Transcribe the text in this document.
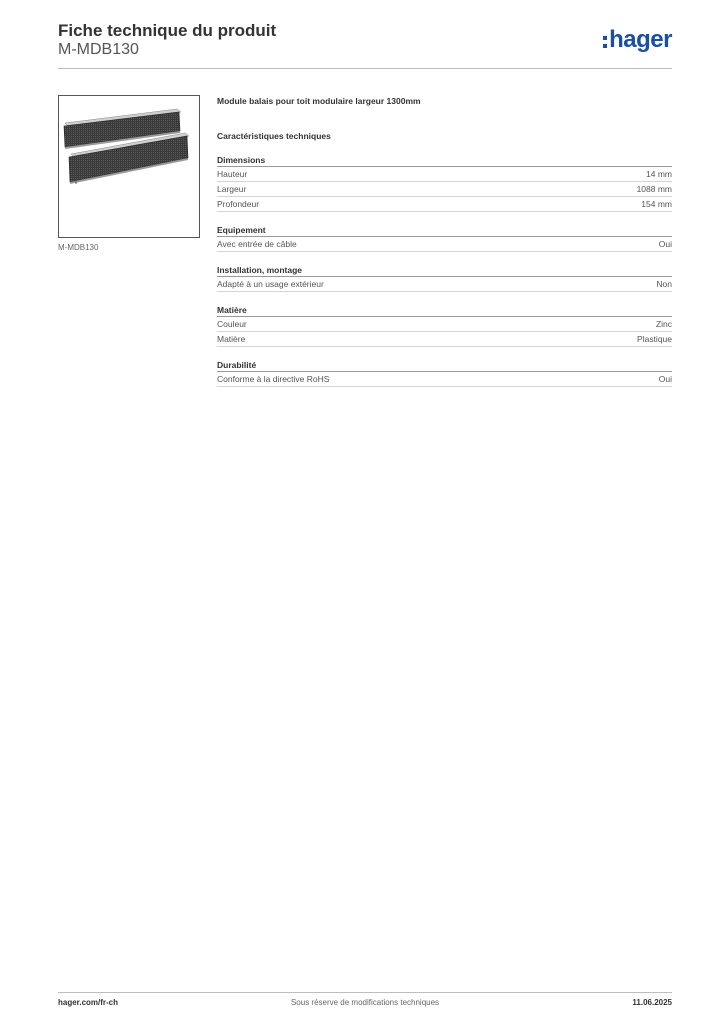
Fiche technique du produit
M-MDB130	hager
M-MDB130
Module balais pour toit modulaire largeur 1300mm
Caractéristiques techniques
Dimensions
Hauteur	14 mm
Largeur	1088 mm
Profondeur	154 mm
Equipement
Avec entrée de câble	Oui
Installation, montage
Adapté à un usage extérieur	Non
Matière
Couleur	Zinc
Matière	Plastique
Durabilité
Conforme à la directive RoHS	Oui
hager.com/fr-ch	Sous réserve de modifications techniques	11.06.2025
